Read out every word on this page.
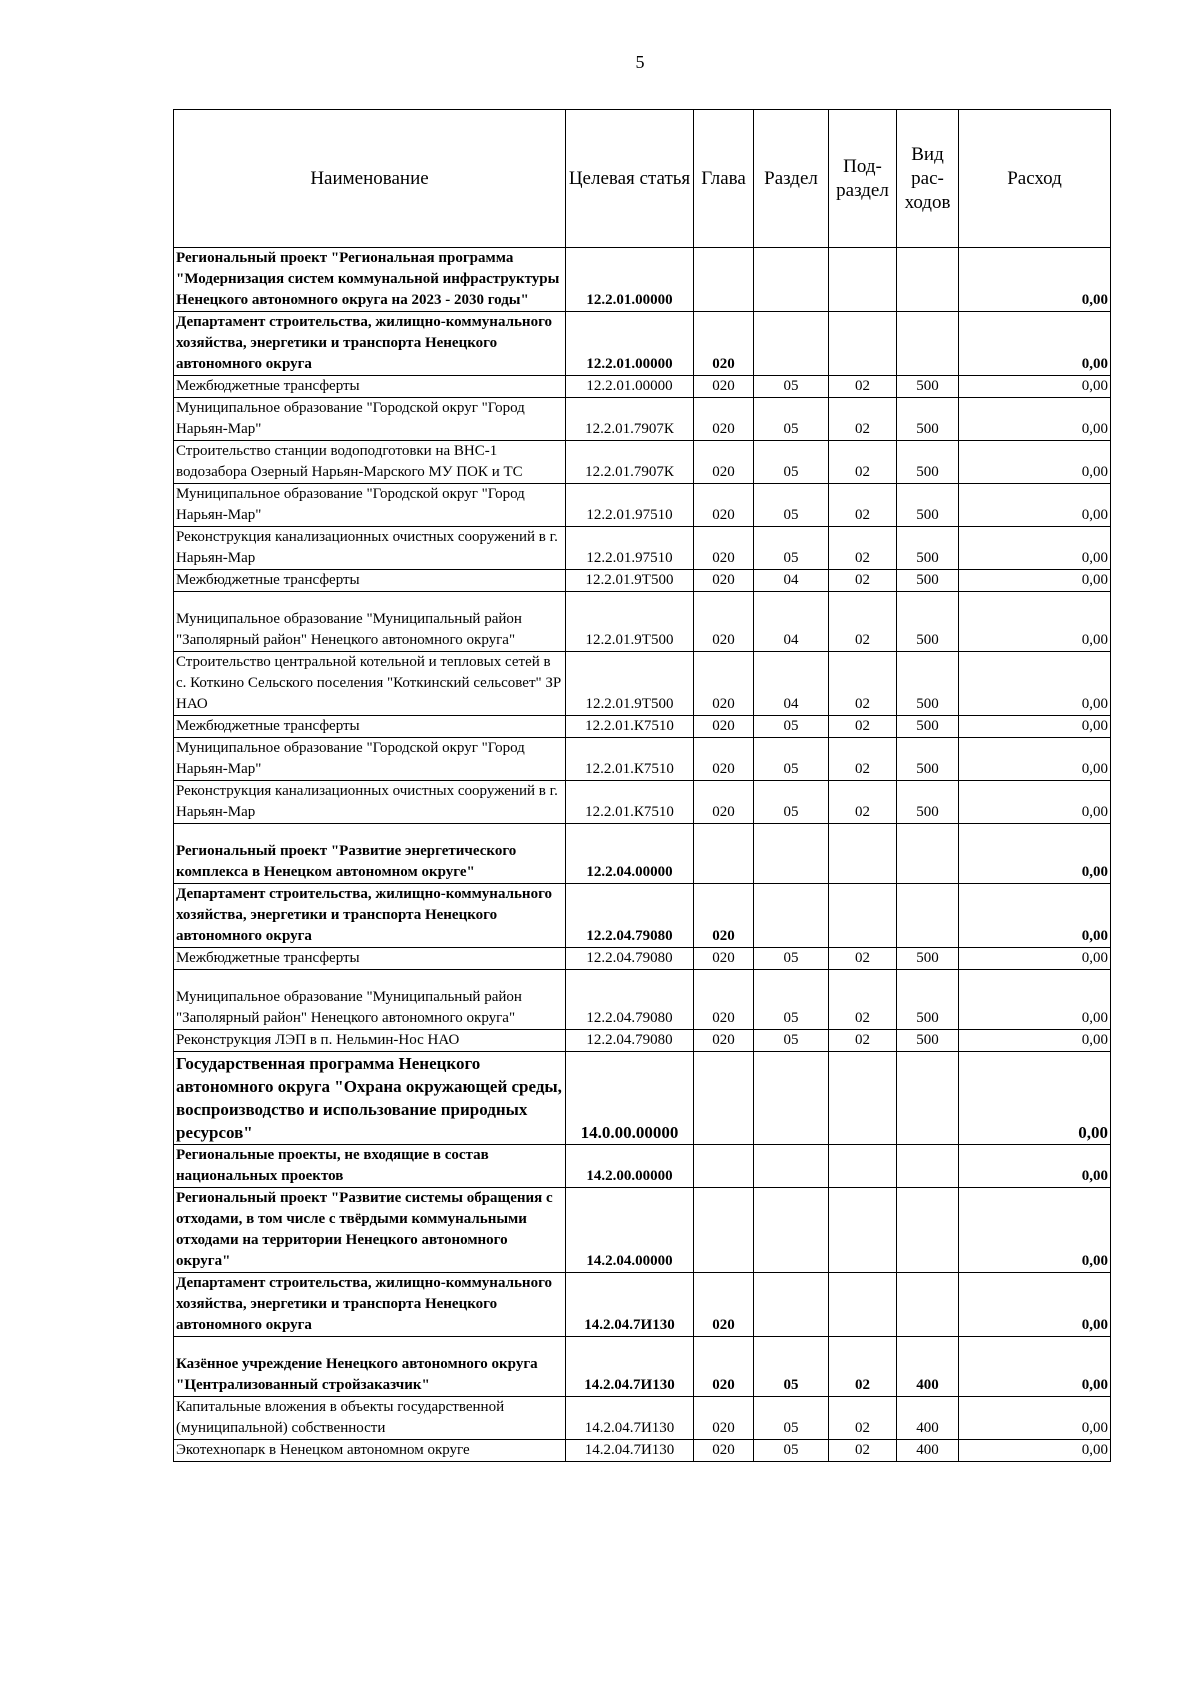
5
Наименование	Целевая статья	Глава	Раздел	Под-раздел	Вид рас-ходов	Расход
Региональный проект "Региональная программа "Модернизация систем коммунальной инфраструктуры Ненецкого автономного округа на 2023 - 2030 годы"	12.2.01.00000					0,00
Департамент строительства, жилищно-коммунального хозяйства, энергетики и транспорта Ненецкого автономного округа	12.2.01.00000	020				0,00
Межбюджетные трансферты	12.2.01.00000	020	05	02	500	0,00
Муниципальное образование "Городской округ "Город Нарьян-Мар"	12.2.01.7907К	020	05	02	500	0,00
Строительство станции водоподготовки на ВНС-1 водозабора Озерный Нарьян-Марского МУ ПОК и ТС	12.2.01.7907К	020	05	02	500	0,00
Муниципальное образование "Городской округ "Город Нарьян-Мар"	12.2.01.97510	020	05	02	500	0,00
Реконструкция канализационных очистных сооружений в г. Нарьян-Мар	12.2.01.97510	020	05	02	500	0,00
Межбюджетные трансферты	12.2.01.9Т500	020	04	02	500	0,00
Муниципальное образование "Муниципальный район "Заполярный район" Ненецкого автономного округа"	12.2.01.9Т500	020	04	02	500	0,00
Строительство центральной котельной и тепловых сетей в с. Коткино Сельского поселения "Коткинский сельсовет" ЗР НАО	12.2.01.9Т500	020	04	02	500	0,00
Межбюджетные трансферты	12.2.01.К7510	020	05	02	500	0,00
Муниципальное образование "Городской округ "Город Нарьян-Мар"	12.2.01.К7510	020	05	02	500	0,00
Реконструкция канализационных очистных сооружений в г. Нарьян-Мар	12.2.01.К7510	020	05	02	500	0,00
Региональный проект "Развитие энергетического комплекса в Ненецком автономном округе"	12.2.04.00000					0,00
Департамент строительства, жилищно-коммунального хозяйства, энергетики и транспорта Ненецкого автономного округа	12.2.04.79080	020				0,00
Межбюджетные трансферты	12.2.04.79080	020	05	02	500	0,00
Муниципальное образование "Муниципальный район "Заполярный район" Ненецкого автономного округа"	12.2.04.79080	020	05	02	500	0,00
Реконструкция ЛЭП в п. Нельмин-Нос НАО	12.2.04.79080	020	05	02	500	0,00
Государственная программа Ненецкого автономного округа "Охрана окружающей среды, воспроизводство и использование природных ресурсов"	14.0.00.00000					0,00
Региональные проекты, не входящие в состав национальных проектов	14.2.00.00000					0,00
Региональный проект "Развитие системы обращения с отходами, в том числе с твёрдыми коммунальными отходами на территории Ненецкого автономного округа"	14.2.04.00000					0,00
Департамент строительства, жилищно-коммунального хозяйства, энергетики и транспорта Ненецкого автономного округа	14.2.04.7И130	020				0,00
Казённое учреждение Ненецкого автономного округа "Централизованный стройзаказчик"	14.2.04.7И130	020	05	02	400	0,00
Капитальные вложения в объекты государственной (муниципальной) собственности	14.2.04.7И130	020	05	02	400	0,00
Экотехнопарк в Ненецком автономном округе	14.2.04.7И130	020	05	02	400	0,00
